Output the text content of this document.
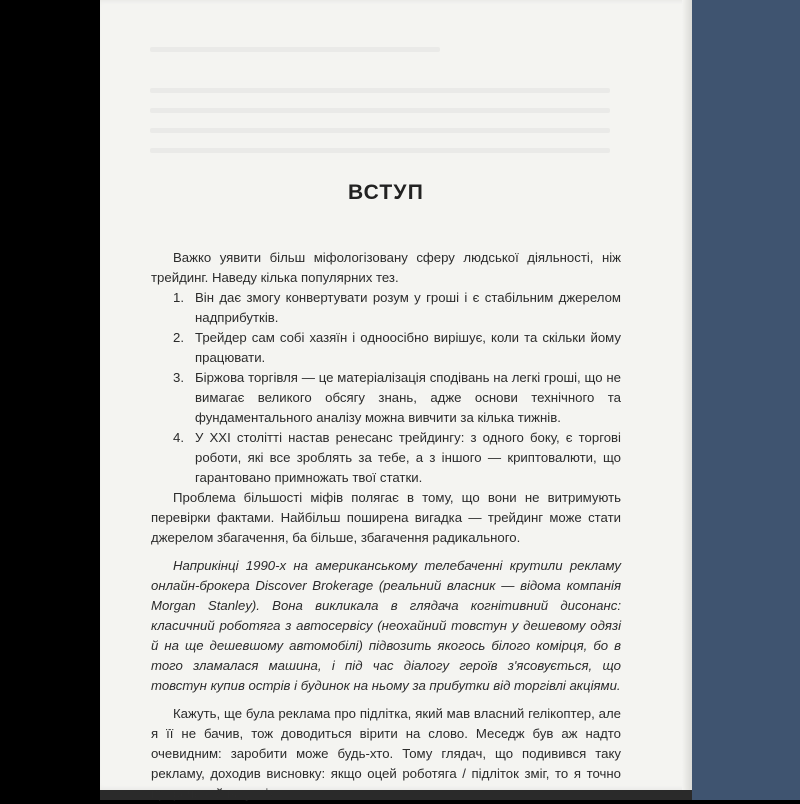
ВСТУП

Важко уявити більш міфологізовану сферу людської діяльності, ніж трейдинг. Наведу кілька популярних тез.

1. Він дає змогу конвертувати розум у гроші і є стабільним джерелом надприбутків.
2. Трейдер сам собі хазяїн і одноосібно вирішує, коли та скільки йому працювати.
3. Біржова торгівля — це матеріалізація сподівань на легкі гроші, що не вимагає великого обсягу знань, адже основи технічного та фундаментального аналізу можна вивчити за кілька тижнів.
4. У XXI столітті настав ренесанс трейдингу: з одного боку, є торгові роботи, які все зроблять за тебе, а з іншого — криптовалюти, що гарантовано примножать твої статки.

Проблема більшості міфів полягає в тому, що вони не витримують перевірки фактами. Найбільш поширена вигадка — трейдинг може стати джерелом збагачення, ба більше, збагачення радикального.

Наприкінці 1990-х на американському телебаченні крутили рекламу онлайн-брокера Discover Brokerage (реальний власник — відома компанія Morgan Stanley). Вона викликала в глядача когнітивний дисонанс: класичний роботяга з автосервісу (неохайний товстун у дешевому одязі й на ще дешевшому автомобілі) підвозить якогось білого комірця, бо в того зламалася машина, і під час діалогу героїв з'ясовується, що товстун купив острів і будинок на ньому за прибутки від торгівлі акціями.

Кажуть, ще була реклама про підлітка, який мав власний гелікоптер, але я її не бачив, тож доводиться вірити на слово. Меседж був аж надто очевидним: заробити може будь-хто. Тому глядач, що подивився таку рекламу, доходив висновку: якщо оцей роботяга / підліток зміг, то я точно приречений на успіх.
